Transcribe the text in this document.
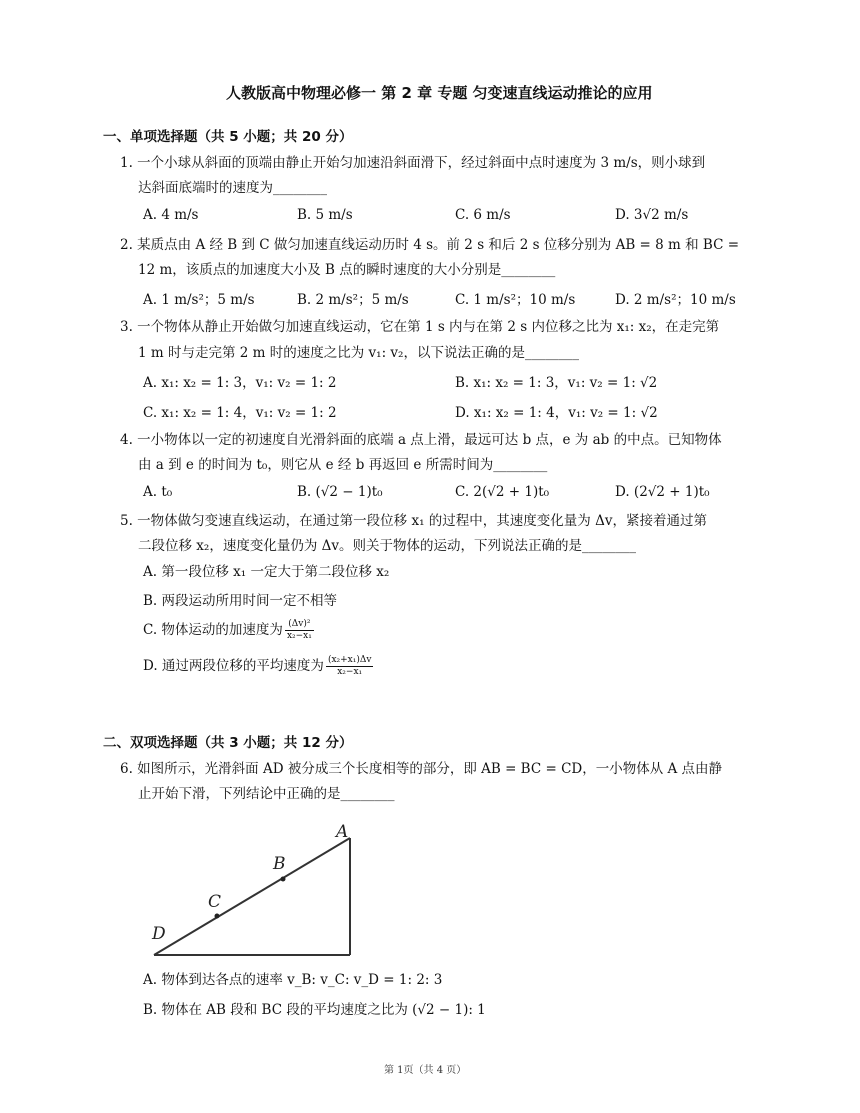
人教版高中物理必修一 第 2 章 专题 匀变速直线运动推论的应用
一、单项选择题（共 5 小题；共 20 分）
1. 一个小球从斜面的顶端由静止开始匀加速沿斜面滑下，经过斜面中点时速度为 3 m/s，则小球到
达斜面底端时的速度为________
A. 4 m/s	B. 5 m/s	C. 6 m/s	D. 3√2 m/s
2. 某质点由 A 经 B 到 C 做匀加速直线运动历时 4 s。前 2 s 和后 2 s 位移分别为 AB = 8 m 和 BC =
12 m，该质点的加速度大小及 B 点的瞬时速度的大小分别是________
A. 1 m/s²；5 m/s	B. 2 m/s²；5 m/s	C. 1 m/s²；10 m/s	D. 2 m/s²；10 m/s
3. 一个物体从静止开始做匀加速直线运动，它在第 1 s 内与在第 2 s 内位移之比为 x₁: x₂，在走完第
1 m 时与走完第 2 m 时的速度之比为 v₁: v₂，以下说法正确的是________
A. x₁: x₂ = 1: 3，v₁: v₂ = 1: 2	B. x₁: x₂ = 1: 3，v₁: v₂ = 1: √2
C. x₁: x₂ = 1: 4，v₁: v₂ = 1: 2	D. x₁: x₂ = 1: 4，v₁: v₂ = 1: √2
4. 一小物体以一定的初速度自光滑斜面的底端 a 点上滑，最远可达 b 点，e 为 ab 的中点。已知物体
由 a 到 e 的时间为 t₀，则它从 e 经 b 再返回 e 所需时间为________
A. t₀	B. (√2 − 1)t₀	C. 2(√2 + 1)t₀	D. (2√2 + 1)t₀
5. 一物体做匀变速直线运动，在通过第一段位移 x₁ 的过程中，其速度变化量为 Δv，紧接着通过第
二段位移 x₂，速度变化量仍为 Δv。则关于物体的运动，下列说法正确的是________
A. 第一段位移 x₁ 一定大于第二段位移 x₂
B. 两段运动所用时间一定不相等
C. 物体运动的加速度为 $\frac{\text{(Δv)²}}{\text{x₂−x₁}}$
D. 通过两段位移的平均速度为 $\frac{\text{(x₂+x₁)Δv}}{\text{x₂−x₁}}$
二、双项选择题（共 3 小题；共 12 分）
6. 如图所示，光滑斜面 AD 被分成三个长度相等的部分，即 AB = BC = CD，一小物体从 A 点由静
止开始下滑，下列结论中正确的是________
A
B
C
D
A. 物体到达各点的速率 v_B: v_C: v_D = 1: 2: 3
B. 物体在 AB 段和 BC 段的平均速度之比为 (√2 − 1): 1
第 1页（共 4 页）
